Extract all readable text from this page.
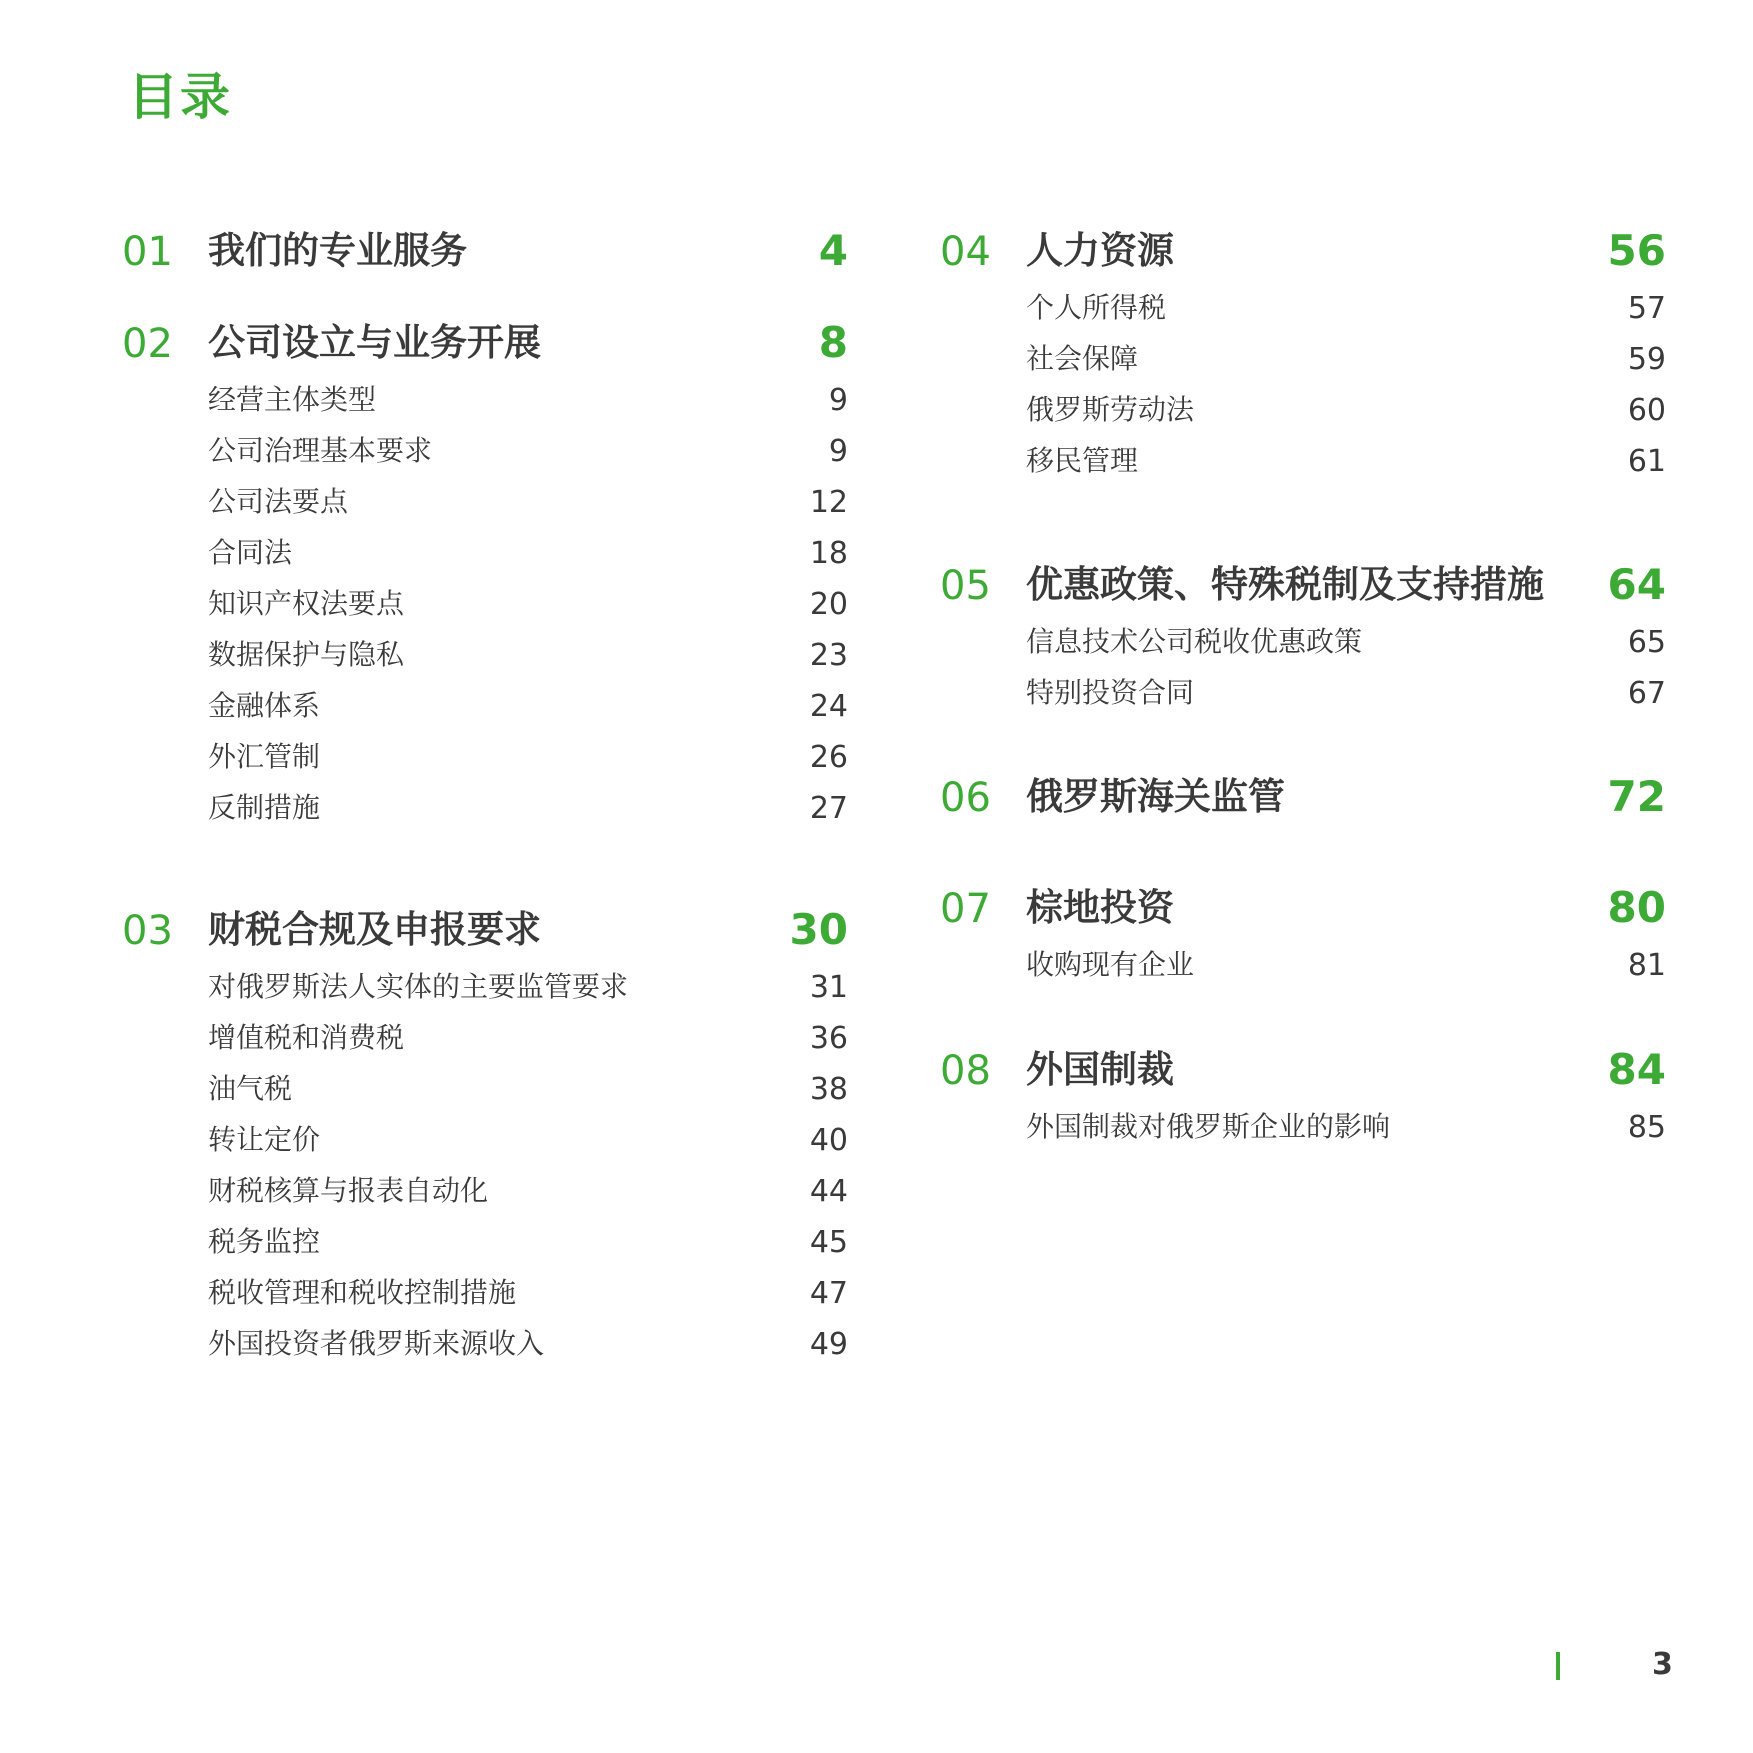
目录
01 我们的专业服务	4
02 公司设立与业务开展	8
经营主体类型	9
公司治理基本要求	9
公司法要点	12
合同法	18
知识产权法要点	20
数据保护与隐私	23
金融体系	24
外汇管制	26
反制措施	27
03 财税合规及申报要求	30
对俄罗斯法人实体的主要监管要求	31
增值税和消费税	36
油气税	38
转让定价	40
财税核算与报表自动化	44
税务监控	45
税收管理和税收控制措施	47
外国投资者俄罗斯来源收入	49
04 人力资源	56
个人所得税	57
社会保障	59
俄罗斯劳动法	60
移民管理	61
05 优惠政策、特殊税制及支持措施 64
信息技术公司税收优惠政策	65
特别投资合同	67
06 俄罗斯海关监管	72
07 棕地投资	80
收购现有企业	81
08 外国制裁	84
外国制裁对俄罗斯企业的影响	85
3
